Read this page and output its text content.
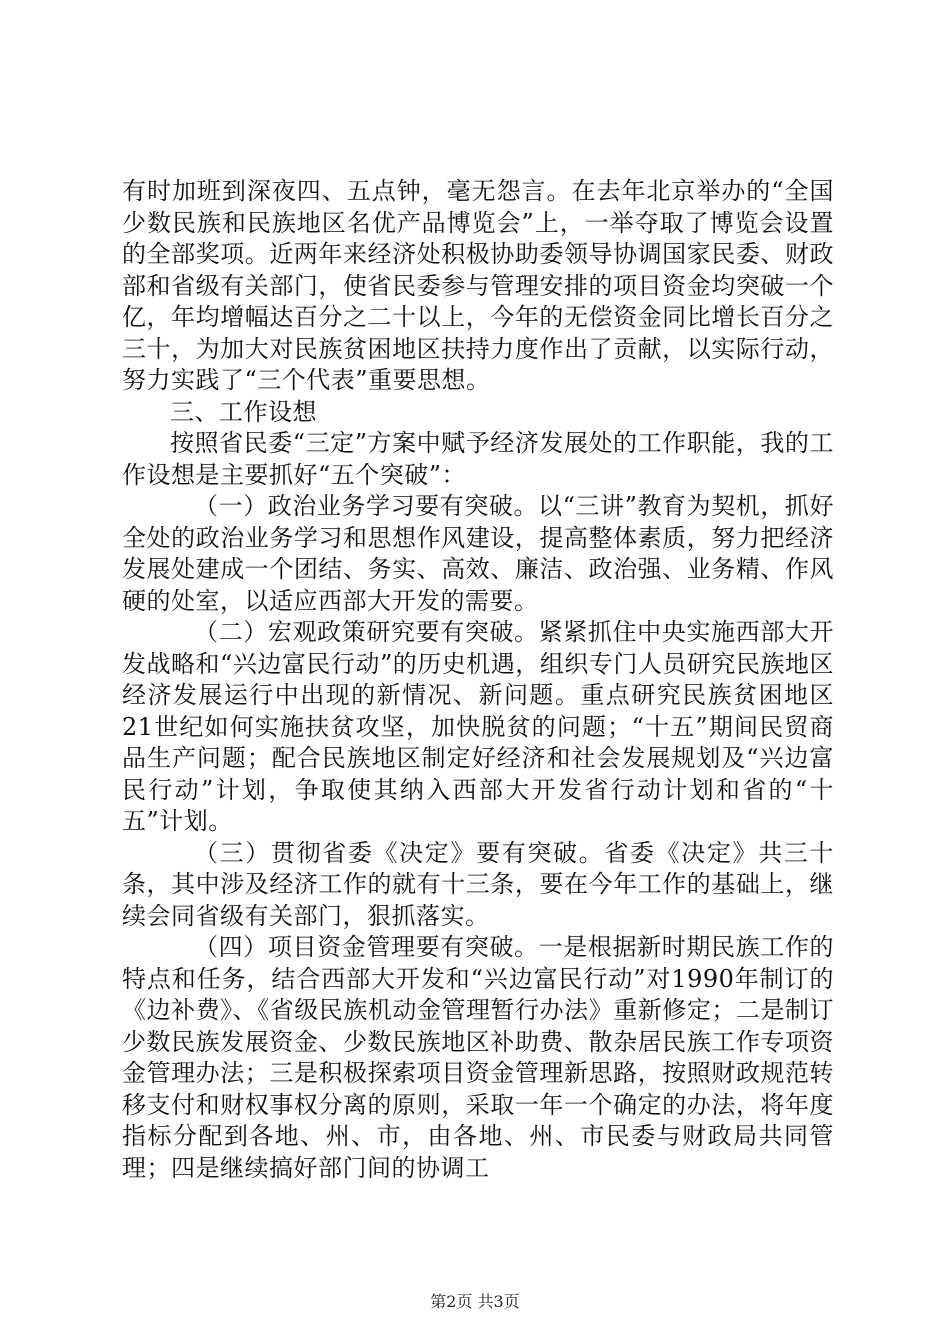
有时加班到深夜四、五点钟，毫无怨言。在去年北京举办的“全国少数民族和民族地区名优产品博览会”上，一举夺取了博览会设置的全部奖项。近两年来经济处积极协助委领导协调国家民委、财政部和省级有关部门，使省民委参与管理安排的项目资金均突破一个亿，年均增幅达百分之二十以上，今年的无偿资金同比增长百分之三十，为加大对民族贫困地区扶持力度作出了贡献，以实际行动，努力实践了“三个代表”重要思想。

三、工作设想

按照省民委“三定”方案中赋予经济发展处的工作职能，我的工作设想是主要抓好“五个突破”：

（一）政治业务学习要有突破。以“三讲”教育为契机，抓好全处的政治业务学习和思想作风建设，提高整体素质，努力把经济发展处建成一个团结、务实、高效、廉洁、政治强、业务精、作风硬的处室，以适应西部大开发的需要。

（二）宏观政策研究要有突破。紧紧抓住中央实施西部大开发战略和“兴边富民行动”的历史机遇，组织专门人员研究民族地区经济发展运行中出现的新情况、新问题。重点研究民族贫困地区21世纪如何实施扶贫攻坚，加快脱贫的问题；“十五”期间民贸商品生产问题；配合民族地区制定好经济和社会发展规划及“兴边富民行动”计划，争取使其纳入西部大开发省行动计划和省的“十五”计划。

（三）贯彻省委《决定》要有突破。省委《决定》共三十条，其中涉及经济工作的就有十三条，要在今年工作的基础上，继续会同省级有关部门，狠抓落实。

（四）项目资金管理要有突破。一是根据新时期民族工作的特点和任务，结合西部大开发和“兴边富民行动”对1990年制订的《边补费》、《省级民族机动金管理暂行办法》重新修定；二是制订少数民族发展资金、少数民族地区补助费、散杂居民族工作专项资金管理办法；三是积极探索项目资金管理新思路，按照财政规范转移支付和财权事权分离的原则，采取一年一个确定的办法，将年度指标分配到各地、州、市，由各地、州、市民委与财政局共同管理；四是继续搞好部门间的协调工

第2页 共3页
